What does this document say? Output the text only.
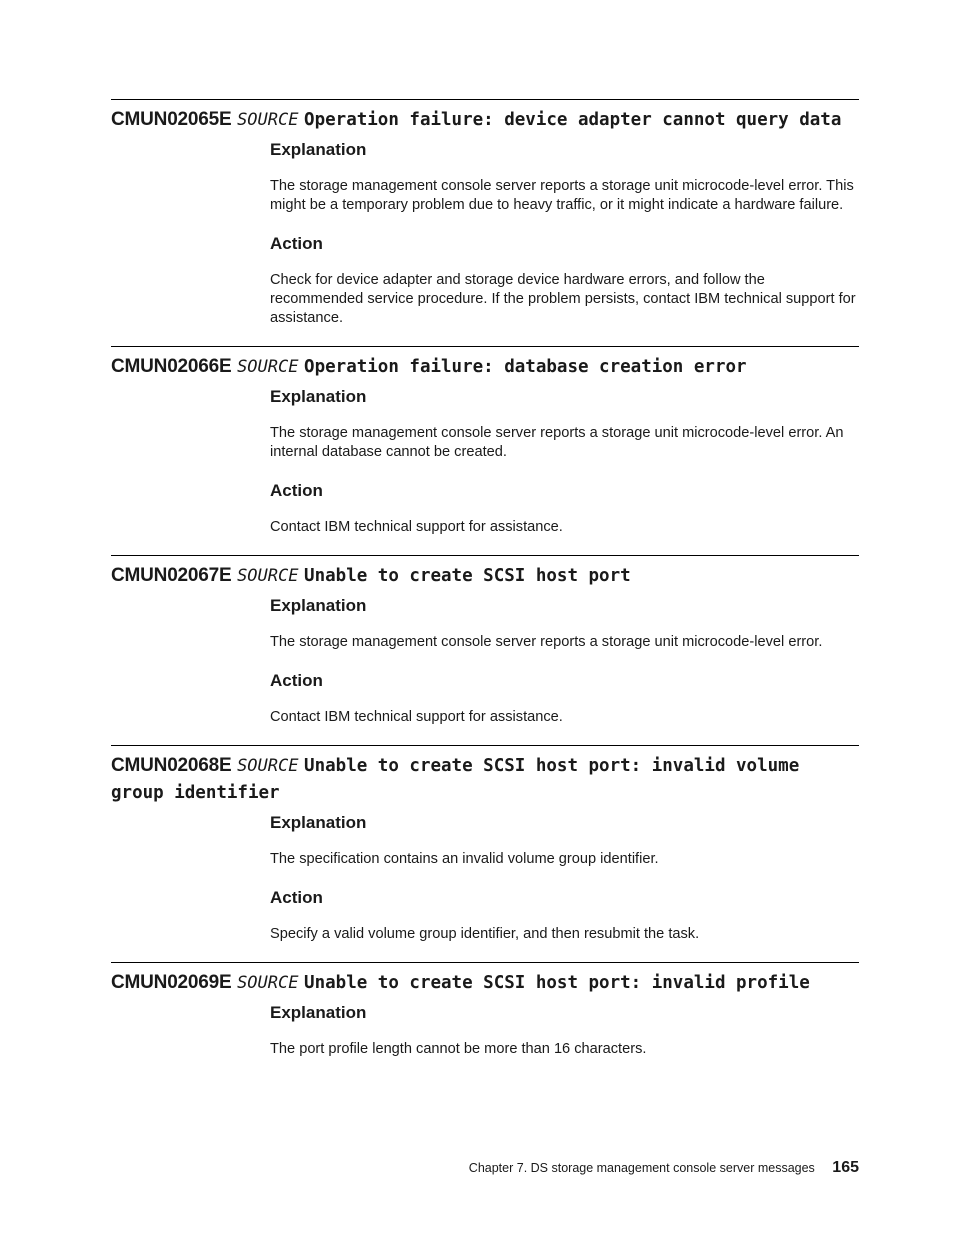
CMUN02065E SOURCE Operation failure: device adapter cannot query data
Explanation

The storage management console server reports a storage unit microcode-level error. This might be a temporary problem due to heavy traffic, or it might indicate a hardware failure.

Action

Check for device adapter and storage device hardware errors, and follow the recommended service procedure. If the problem persists, contact IBM technical support for assistance.

CMUN02066E SOURCE Operation failure: database creation error
Explanation

The storage management console server reports a storage unit microcode-level error. An internal database cannot be created.

Action

Contact IBM technical support for assistance.

CMUN02067E SOURCE Unable to create SCSI host port
Explanation

The storage management console server reports a storage unit microcode-level error.

Action

Contact IBM technical support for assistance.

CMUN02068E SOURCE Unable to create SCSI host port: invalid volume group identifier
Explanation

The specification contains an invalid volume group identifier.

Action

Specify a valid volume group identifier, and then resubmit the task.

CMUN02069E SOURCE Unable to create SCSI host port: invalid profile
Explanation

The port profile length cannot be more than 16 characters.

Chapter 7. DS storage management console server messages 165
